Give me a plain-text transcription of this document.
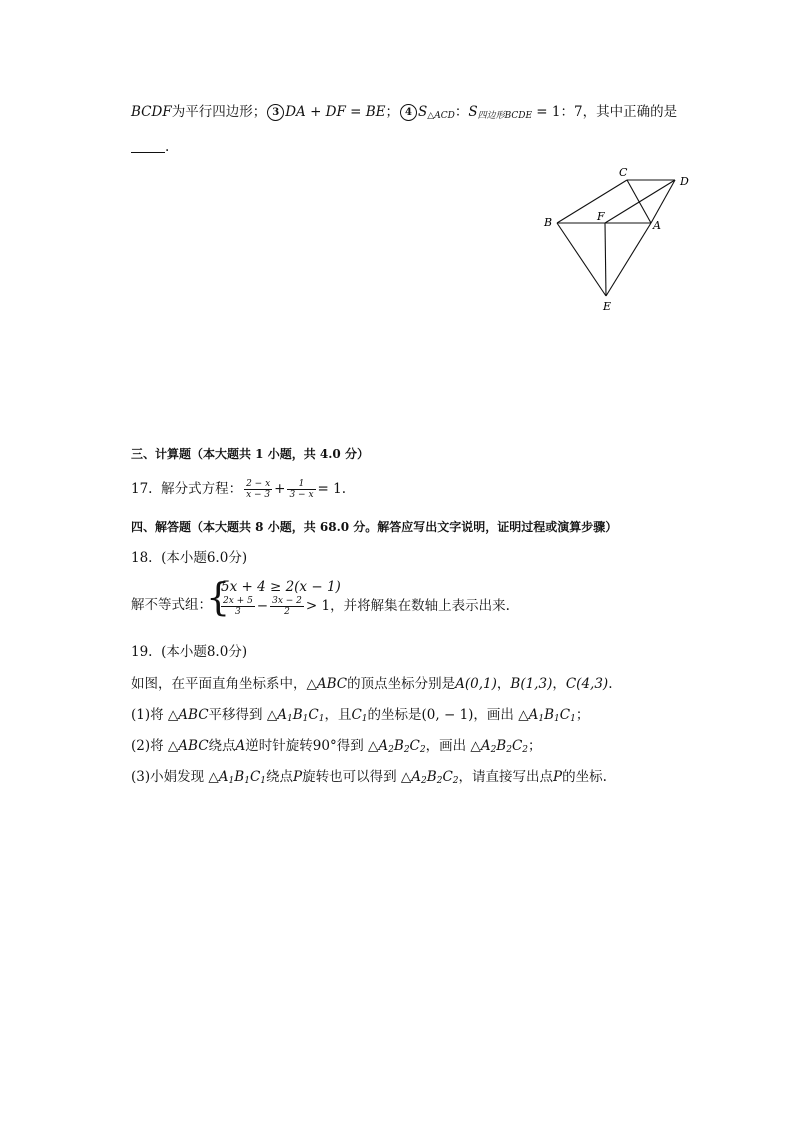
BCDF为平行四边形； 3 DA + DF = BE； 4 $S_{\triangle ACD}$：$S_{四边形BCDE} = 1$：7，其中正确的是
.
C
D
B	F
A
E
三、计算题（本大题共 1 小题，共 4.0 分）
17. 解分式方程： $\frac{2 - x}{x - 3} + \frac{1}{3 - x} = 1$.
四、解答题（本大题共 8 小题，共 68.0 分。解答应写出文字说明，证明过程或演算步骤）
18. (本小题6.0分)
解不等式组：
{
5x + 4 ≥ 2(x − 1)
$\frac{2x + 5}{3} - \frac{3x - 2}{2} > 1$，并将解集在数轴上表示出来.
19. (本小题8.0分)
如图，在平面直角坐标系中，△ABC的顶点坐标分别是A(0,1)，B(1,3)，C(4,3).
(1)将 △ABC平移得到 △A1B1C1，且C1的坐标是(0, − 1)，画出 △A1B1C1；
(2)将 △ABC绕点A逆时针旋转90°得到 △A2B2C2，画出 △A2B2C2；
(3)小娟发现 △A1B1C1绕点P旋转也可以得到 △A2B2C2，请直接写出点P的坐标.
